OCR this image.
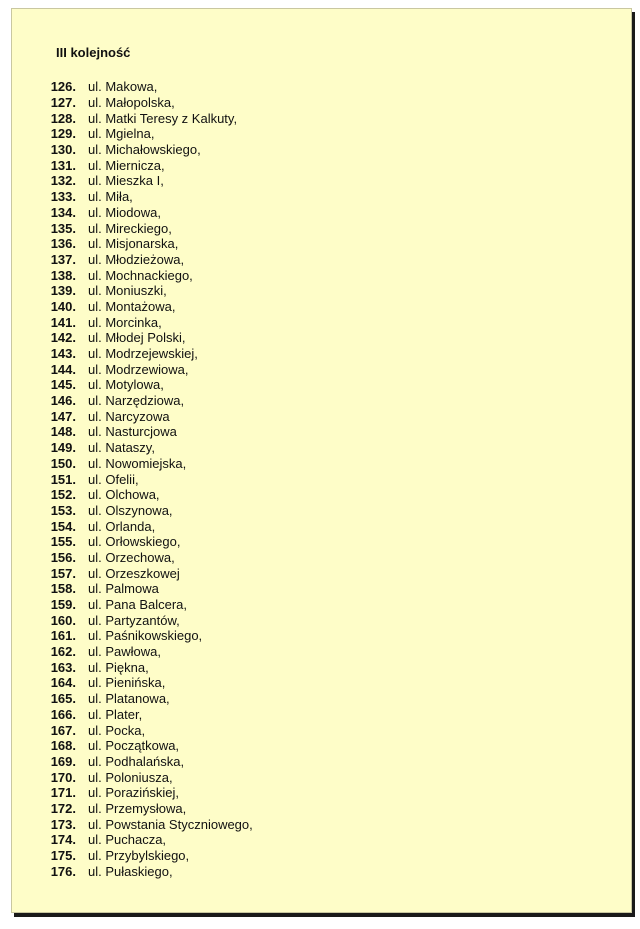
III kolejność
126. ul. Makowa,
127. ul. Małopolska,
128. ul. Matki Teresy z Kalkuty,
129. ul. Mgielna,
130. ul. Michałowskiego,
131. ul. Miernicza,
132. ul. Mieszka I,
133. ul. Miła,
134. ul. Miodowa,
135. ul. Mireckiego,
136. ul. Misjonarska,
137. ul. Młodzieżowa,
138. ul. Mochnackiego,
139. ul. Moniuszki,
140. ul. Montażowa,
141. ul. Morcinka,
142. ul. Młodej Polski,
143. ul. Modrzejewskiej,
144. ul. Modrzewiowa,
145. ul. Motylowa,
146. ul. Narzędziowa,
147. ul. Narcyzowa
148. ul. Nasturcjowa
149. ul. Nataszy,
150. ul. Nowomiejska,
151. ul. Ofelii,
152. ul. Olchowa,
153. ul. Olszynowa,
154. ul. Orlanda,
155. ul. Orłowskiego,
156. ul. Orzechowa,
157. ul. Orzeszkowej
158. ul. Palmowa
159. ul. Pana Balcera,
160. ul. Partyzantów,
161. ul. Paśnikowskiego,
162. ul. Pawłowa,
163. ul. Piękna,
164. ul. Pienińska,
165. ul. Platanowa,
166. ul. Plater,
167. ul. Pocka,
168. ul. Początkowa,
169. ul. Podhalańska,
170. ul. Poloniusza,
171. ul. Porazińskiej,
172. ul. Przemysłowa,
173. ul. Powstania Styczniowego,
174. ul. Puchacza,
175. ul. Przybylskiego,
176. ul. Pułaskiego,
